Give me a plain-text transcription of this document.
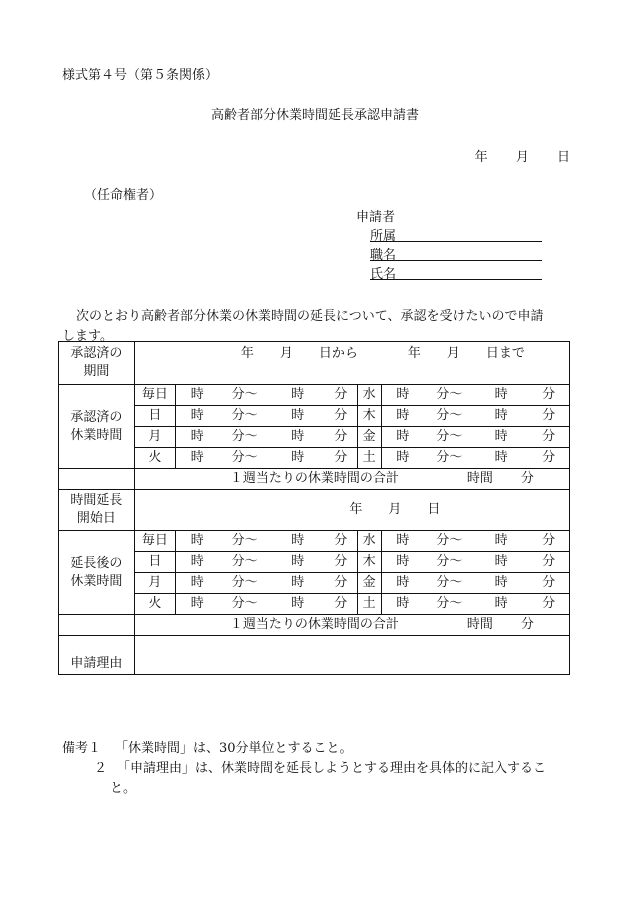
様式第４号（第５条関係）
高齢者部分休業時間延長承認申請書
年 月 日
（任命権者）
申請者
所属
職名
氏名
次のとおり高齢者部分休業の休業時間の延長について、承認を受けたいので申請
します。
承認済の
期間	年 月 日から 年 月 日まで									

承認済の
休業時間	毎日	時	分～	時	分	水	時	分～	時	分
	日	時	分～	時	分	木	時	分～	時	分
	月	時	分～	時	分	金	時	分～	時	分
	火	時	分～	時	分	土	時	分～	時	分
	１週当たりの休業時間の合計 時間 分									

時間延長
開始日	年 月 日									

延長後の
休業時間	毎日	時	分～	時	分	水	時	分～	時	分
	日	時	分～	時	分	木	時	分～	時	分
	月	時	分～	時	分	金	時	分～	時	分
	火	時	分～	時	分	土	時	分～	時	分
	１週当たりの休業時間の合計 時間 分									
申請理由										
備考１ 「休業時間」は、30分単位とすること。
２ 「申請理由」は、休業時間を延長しようとする理由を具体的に記入するこ
と。
